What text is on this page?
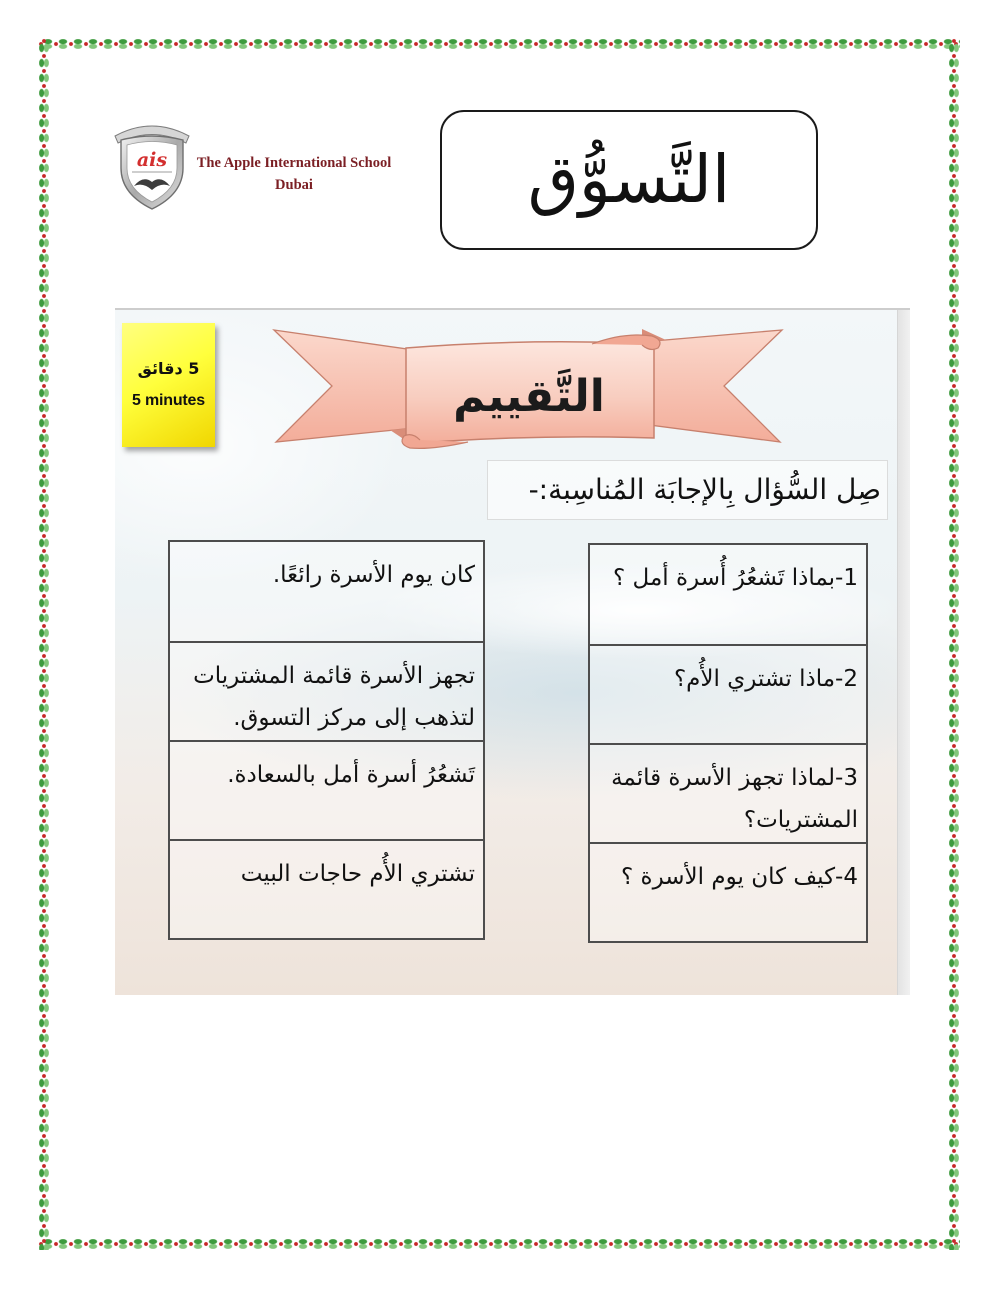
ais	The Apple International School
Dubai	التَّسوُّق
5 دقائق
5 minutes	التَّقييم
صِل السُّؤال بِالإجابَة المُناسِبة:-
كان يوم الأسرة رائعًا.
تجهز الأسرة قائمة المشتريات
لتذهب إلى مركز التسوق.
تَشعُرُ أسرة أمل بالسعادة.
تشتري الأُم حاجات البيت
1-بماذا تَشعُرُ أُسرة أمل ؟
2-ماذا تشتري الأُم؟
3-لماذا تجهز الأسرة قائمة
المشتريات؟
4-كيف كان يوم الأسرة ؟
